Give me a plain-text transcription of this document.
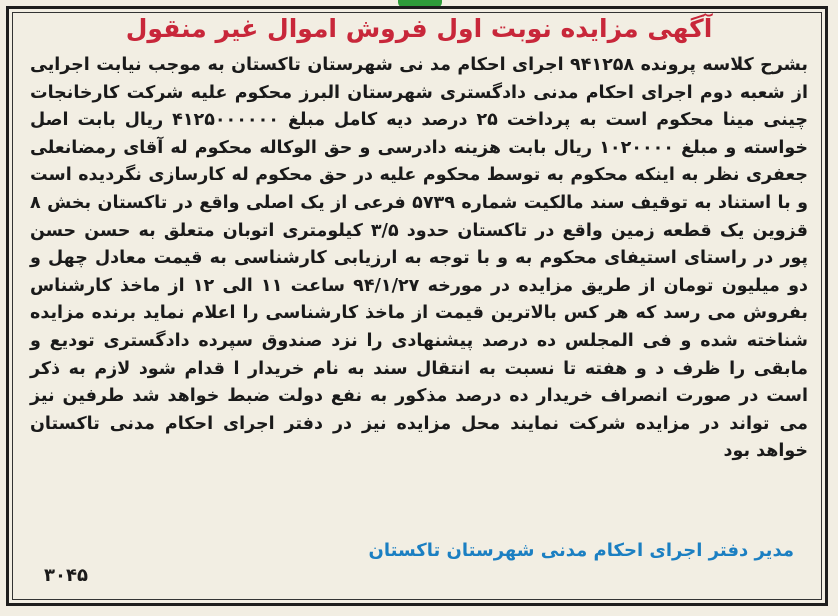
آگهی مزایده نوبت اول فروش اموال غیر منقول
بشرح کلاسه پرونده ۹۴۱۲۵۸ اجرای احکام مد نی شهرستان تاکستان به موجب نیابت اجرایی از شعبه دوم اجرای احکام مدنی دادگستری شهرستان البرز محکوم علیه شرکت کارخانجات چینی مینا محکوم است به پرداخت ۲۵ درصد دیه کامل مبلغ ۴۱۲۵۰۰۰۰۰۰ ریال بابت اصل خواسته و مبلغ ۱۰۲۰۰۰۰ ریال بابت هزینه دادرسی و حق الوکاله محکوم له آقای رمضانعلی جعفری نظر به اینکه محکوم به توسط محکوم علیه در حق محکوم له کارسازی نگردیده است و با استناد به توقیف سند مالکیت شماره ۵۷۳۹ فرعی از یک اصلی واقع در تاکستان بخش ۸ قزوین یک قطعه زمین واقع در تاکستان حدود ۳/۵ کیلومتری اتوبان متعلق به حسن حسن پور در راستای استیفای محکوم به و با توجه به ارزیابی کارشناسی به قیمت معادل چهل و دو میلیون تومان از طریق مزایده در مورخه ۹۴/۱/۲۷ ساعت ۱۱ الی ۱۲ از ماخذ کارشناس بفروش می رسد که هر کس بالاترین قیمت از ماخذ کارشناسی را اعلام نماید برنده مزایده شناخته شده و فی المجلس ده درصد پیشنهادی را نزد صندوق سپرده دادگستری تودیع و مابقی را ظرف د و هفته تا نسبت به انتقال سند به نام خریدار ا قدام شود لازم به ذکر است در صورت انصراف خریدار ده درصد مذکور به نفع دولت ضبط خواهد شد طرفین نیز می تواند در مزایده شرکت نمایند محل مزایده نیز در دفتر اجرای احکام مدنی تاکستان خواهد بود
مدیر دفتر اجرای احکام مدنی شهرستان تاکستان
۳۰۴۵
